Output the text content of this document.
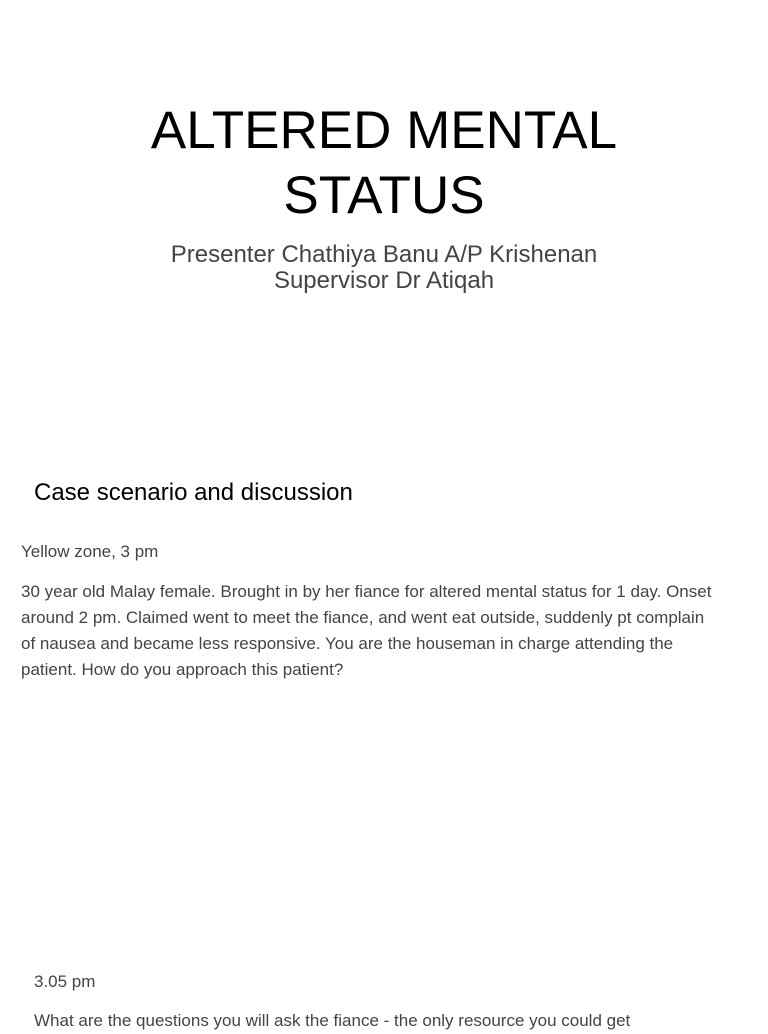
ALTERED MENTAL
STATUS
Presenter Chathiya Banu A/P Krishenan
Supervisor Dr Atiqah
Case scenario and discussion
Yellow zone, 3 pm

30 year old Malay female. Brought in by her fiance for altered mental status for 1 day. Onset around 2 pm. Claimed went to meet the fiance, and went eat outside, suddenly pt complain of nausea and became less responsive. You are the houseman in charge attending the patient. How do you approach this patient?

3.05 pm

What are the questions you will ask the fiance - the only resource you could get
